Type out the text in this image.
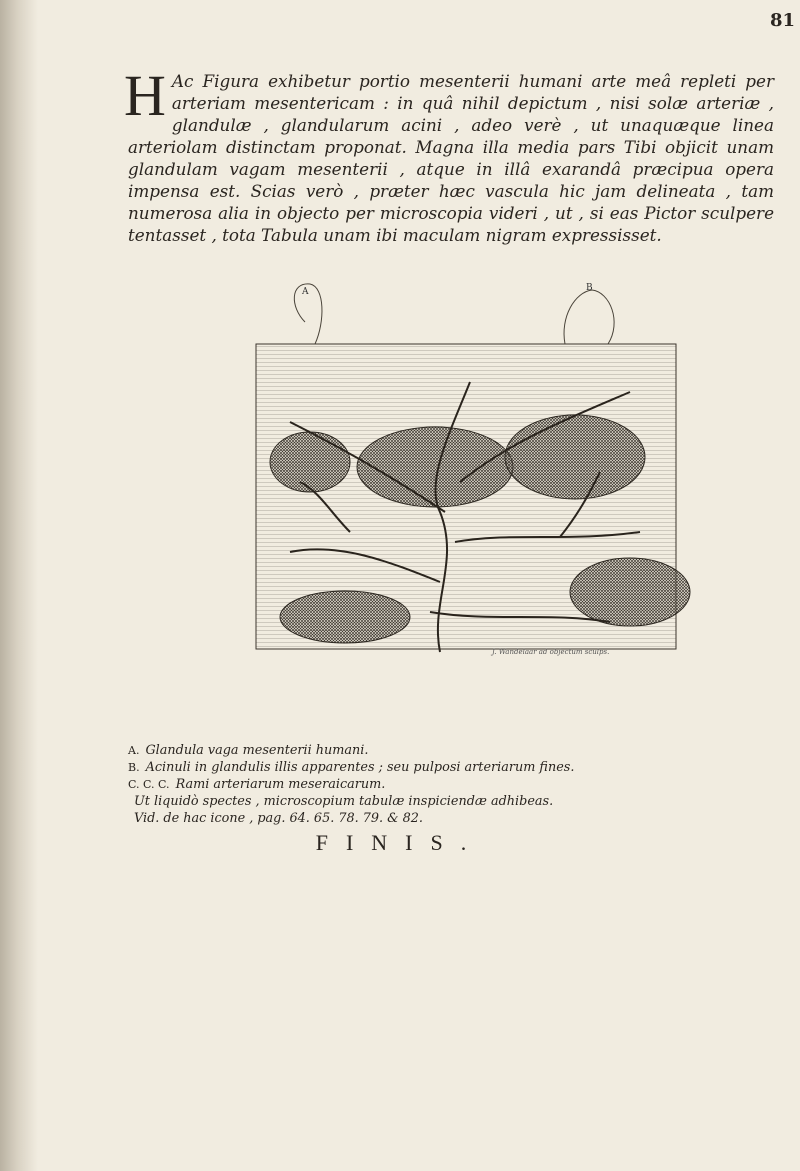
81
H Ac Figura exhibetur portio mesenterii humani arte meâ repleti per arteriam mesentericam : in quâ nihil depictum , nisi solæ arteriæ , glandulæ , glandularum acini , adeo verè , ut unaquæque linea arteriolam distinctam proponat. Magna illa media pars Tibi objicit unam glandulam vagam mesenterii , atque in illâ exarandâ præcipua opera impensa est. Scias verò , præter hæc vascula hic jam delineata , tam numerosa alia in objecto per microscopia videri , ut , si eas Pictor sculpere tentasset , tota Tabula unam ibi maculam nigram expressisset.
A	B
J. Wandelaar ad objectum sculps.
A. Glandula vaga mesenterii humani.
B. Acinuli in glandulis illis apparentes ; seu pulposi arteriarum fines.
C. C. C. Rami arteriarum meseraicarum.
Ut liquidò spectes , microscopium tabulæ inspiciendæ adhibeas.
Vid. de hac icone , pag. 64. 65. 78. 79. & 82.
FINIS.
